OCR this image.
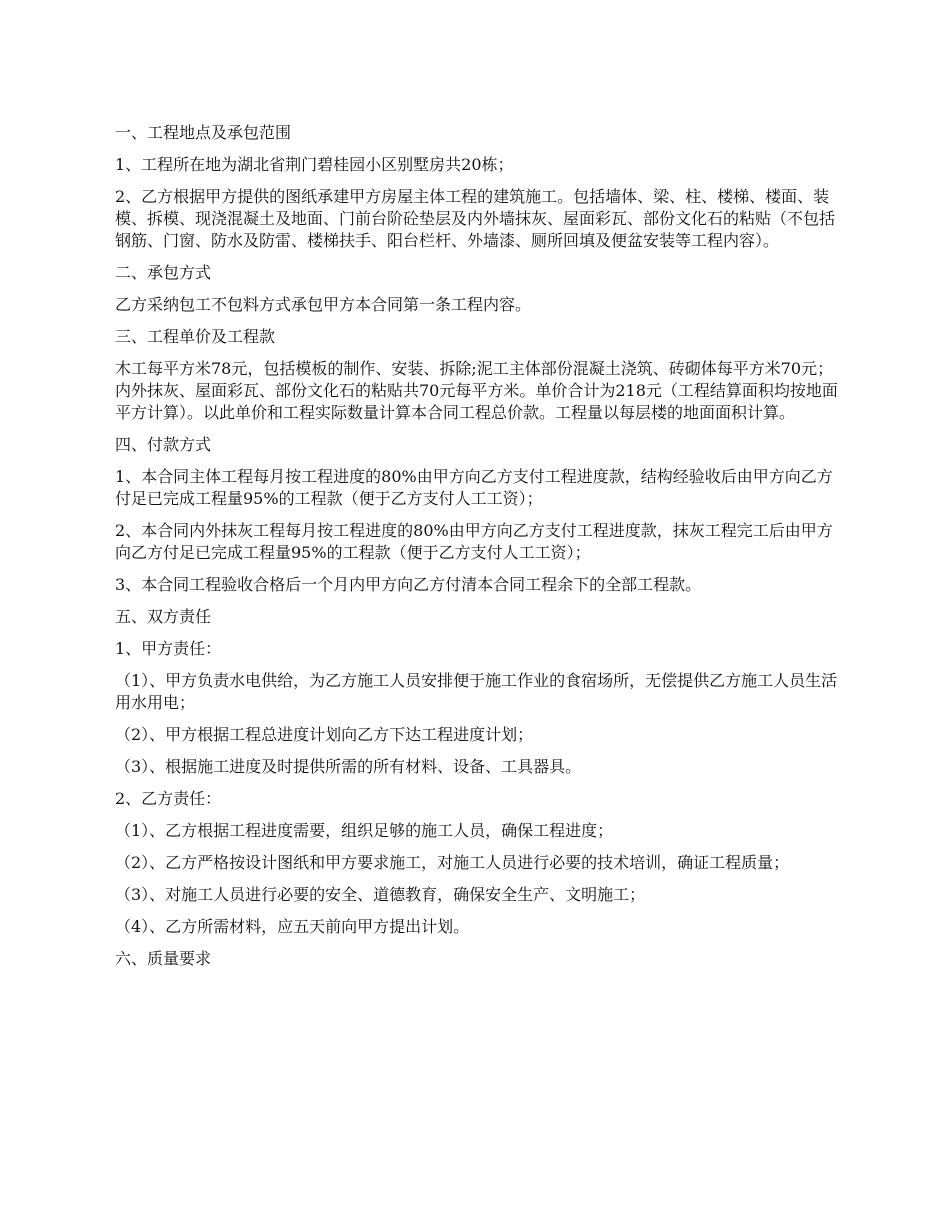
一、工程地点及承包范围

1、工程所在地为湖北省荆门碧桂园小区别墅房共20栋；

2、乙方根据甲方提供的图纸承建甲方房屋主体工程的建筑施工。包括墙体、梁、柱、楼梯、楼面、装模、拆模、现浇混凝土及地面、门前台阶砼垫层及内外墙抹灰、屋面彩瓦、部份文化石的粘贴（不包括钢筋、门窗、防水及防雷、楼梯扶手、阳台栏杆、外墙漆、厕所回填及便盆安装等工程内容）。

二、承包方式

乙方采纳包工不包料方式承包甲方本合同第一条工程内容。

三、工程单价及工程款

木工每平方米78元，包括模板的制作、安装、拆除;泥工主体部份混凝土浇筑、砖砌体每平方米70元；内外抹灰、屋面彩瓦、部份文化石的粘贴共70元每平方米。单价合计为218元（工程结算面积均按地面平方计算）。以此单价和工程实际数量计算本合同工程总价款。工程量以每层楼的地面面积计算。

四、付款方式

1、本合同主体工程每月按工程进度的80%由甲方向乙方支付工程进度款，结构经验收后由甲方向乙方付足已完成工程量95%的工程款（便于乙方支付人工工资）；

2、本合同内外抹灰工程每月按工程进度的80%由甲方向乙方支付工程进度款，抹灰工程完工后由甲方向乙方付足已完成工程量95%的工程款（便于乙方支付人工工资）；

3、本合同工程验收合格后一个月内甲方向乙方付清本合同工程余下的全部工程款。

五、双方责任

1、甲方责任：

（1）、甲方负责水电供给，为乙方施工人员安排便于施工作业的食宿场所，无偿提供乙方施工人员生活用水用电；

（2）、甲方根据工程总进度计划向乙方下达工程进度计划；

（3）、根据施工进度及时提供所需的所有材料、设备、工具器具。

2、乙方责任：

（1）、乙方根据工程进度需要，组织足够的施工人员，确保工程进度；

（2）、乙方严格按设计图纸和甲方要求施工，对施工人员进行必要的技术培训，确证工程质量；

（3）、对施工人员进行必要的安全、道德教育，确保安全生产、文明施工；

（4）、乙方所需材料，应五天前向甲方提出计划。

六、质量要求
